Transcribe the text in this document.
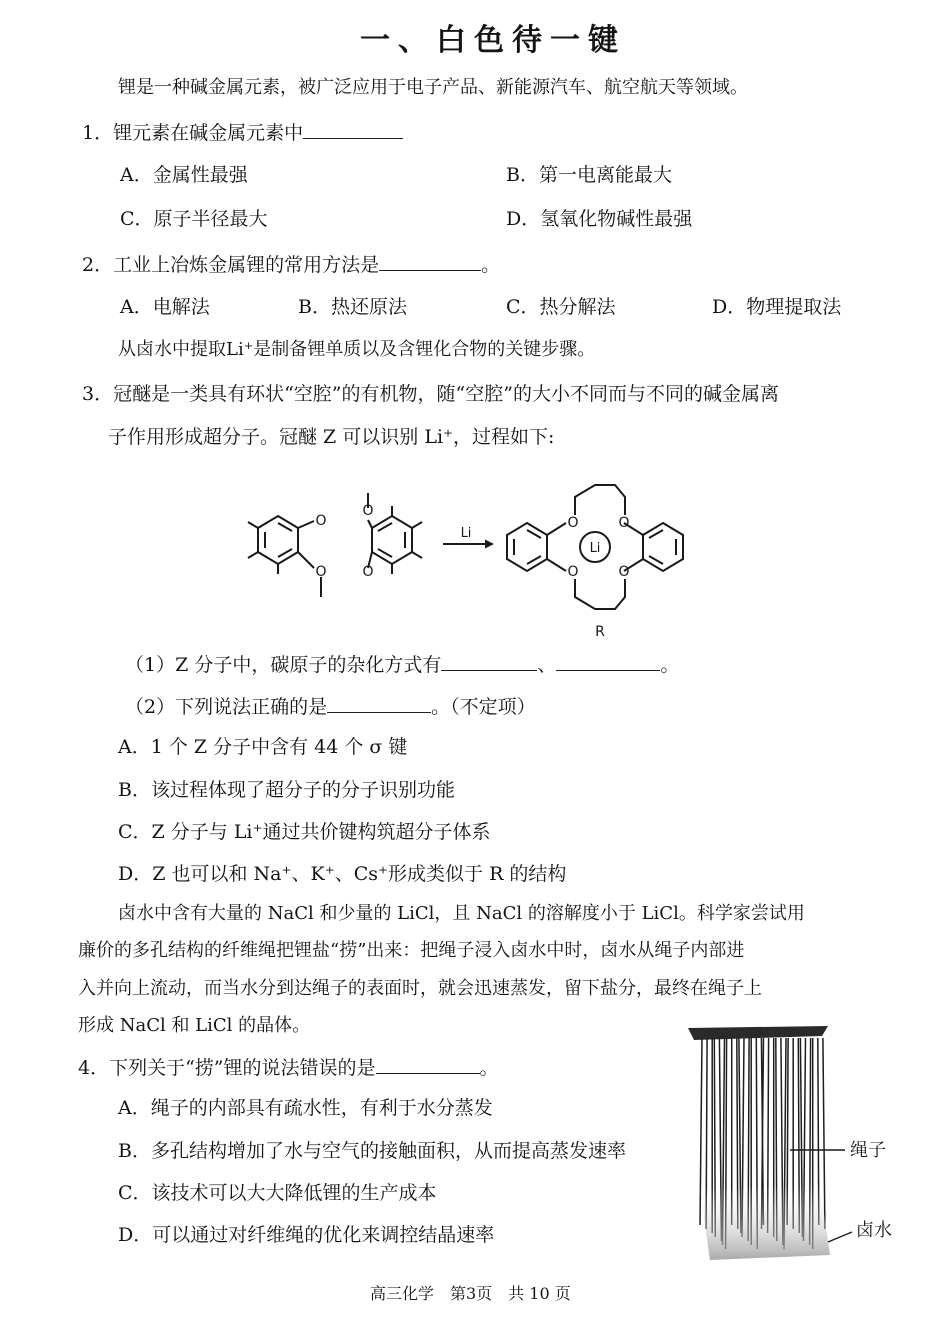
一、白色待一键
锂是一种碱金属元素，被广泛应用于电子产品、新能源汽车、航空航天等领域。
1．锂元素在碱金属元素中
A．金属性最强	B．第一电离能最大
C．原子半径最大	D．氢氧化物碱性最强
2．工业上冶炼金属锂的常用方法是	。
A．电解法	B．热还原法	C．热分解法	D．物理提取法
从卤水中提取Li⁺是制备锂单质以及含锂化合物的关键步骤。
3．冠醚是一类具有环状“空腔”的有机物，随“空腔”的大小不同而与不同的碱金属离
子作用形成超分子。冠醚 Z 可以识别 Li⁺，过程如下:
O
O
O
O
O
O
O
O
Li
Li
R
（1）Z 分子中，碳原子的杂化方式有	、	。
（2）下列说法正确的是	。（不定项）
A．1 个 Z 分子中含有 44 个 σ 键
B．该过程体现了超分子的分子识别功能
C．Z 分子与 Li⁺通过共价键构筑超分子体系
D．Z 也可以和 Na⁺、K⁺、Cs⁺形成类似于 R 的结构
卤水中含有大量的 NaCl 和少量的 LiCl，且 NaCl 的溶解度小于 LiCl。科学家尝试用
廉价的多孔结构的纤维绳把锂盐“捞”出来：把绳子浸入卤水中时，卤水从绳子内部进
入并向上流动，而当水分到达绳子的表面时，就会迅速蒸发，留下盐分，最终在绳子上
形成 NaCl 和 LiCl 的晶体。
4．下列关于“捞”锂的说法错误的是	。
A．绳子的内部具有疏水性，有利于水分蒸发
B．多孔结构增加了水与空气的接触面积，从而提高蒸发速率
C．该技术可以大大降低锂的生产成本
D．可以通过对纤维绳的优化来调控结晶速率
绳子
卤水
高三化学　第3页　共 10 页
